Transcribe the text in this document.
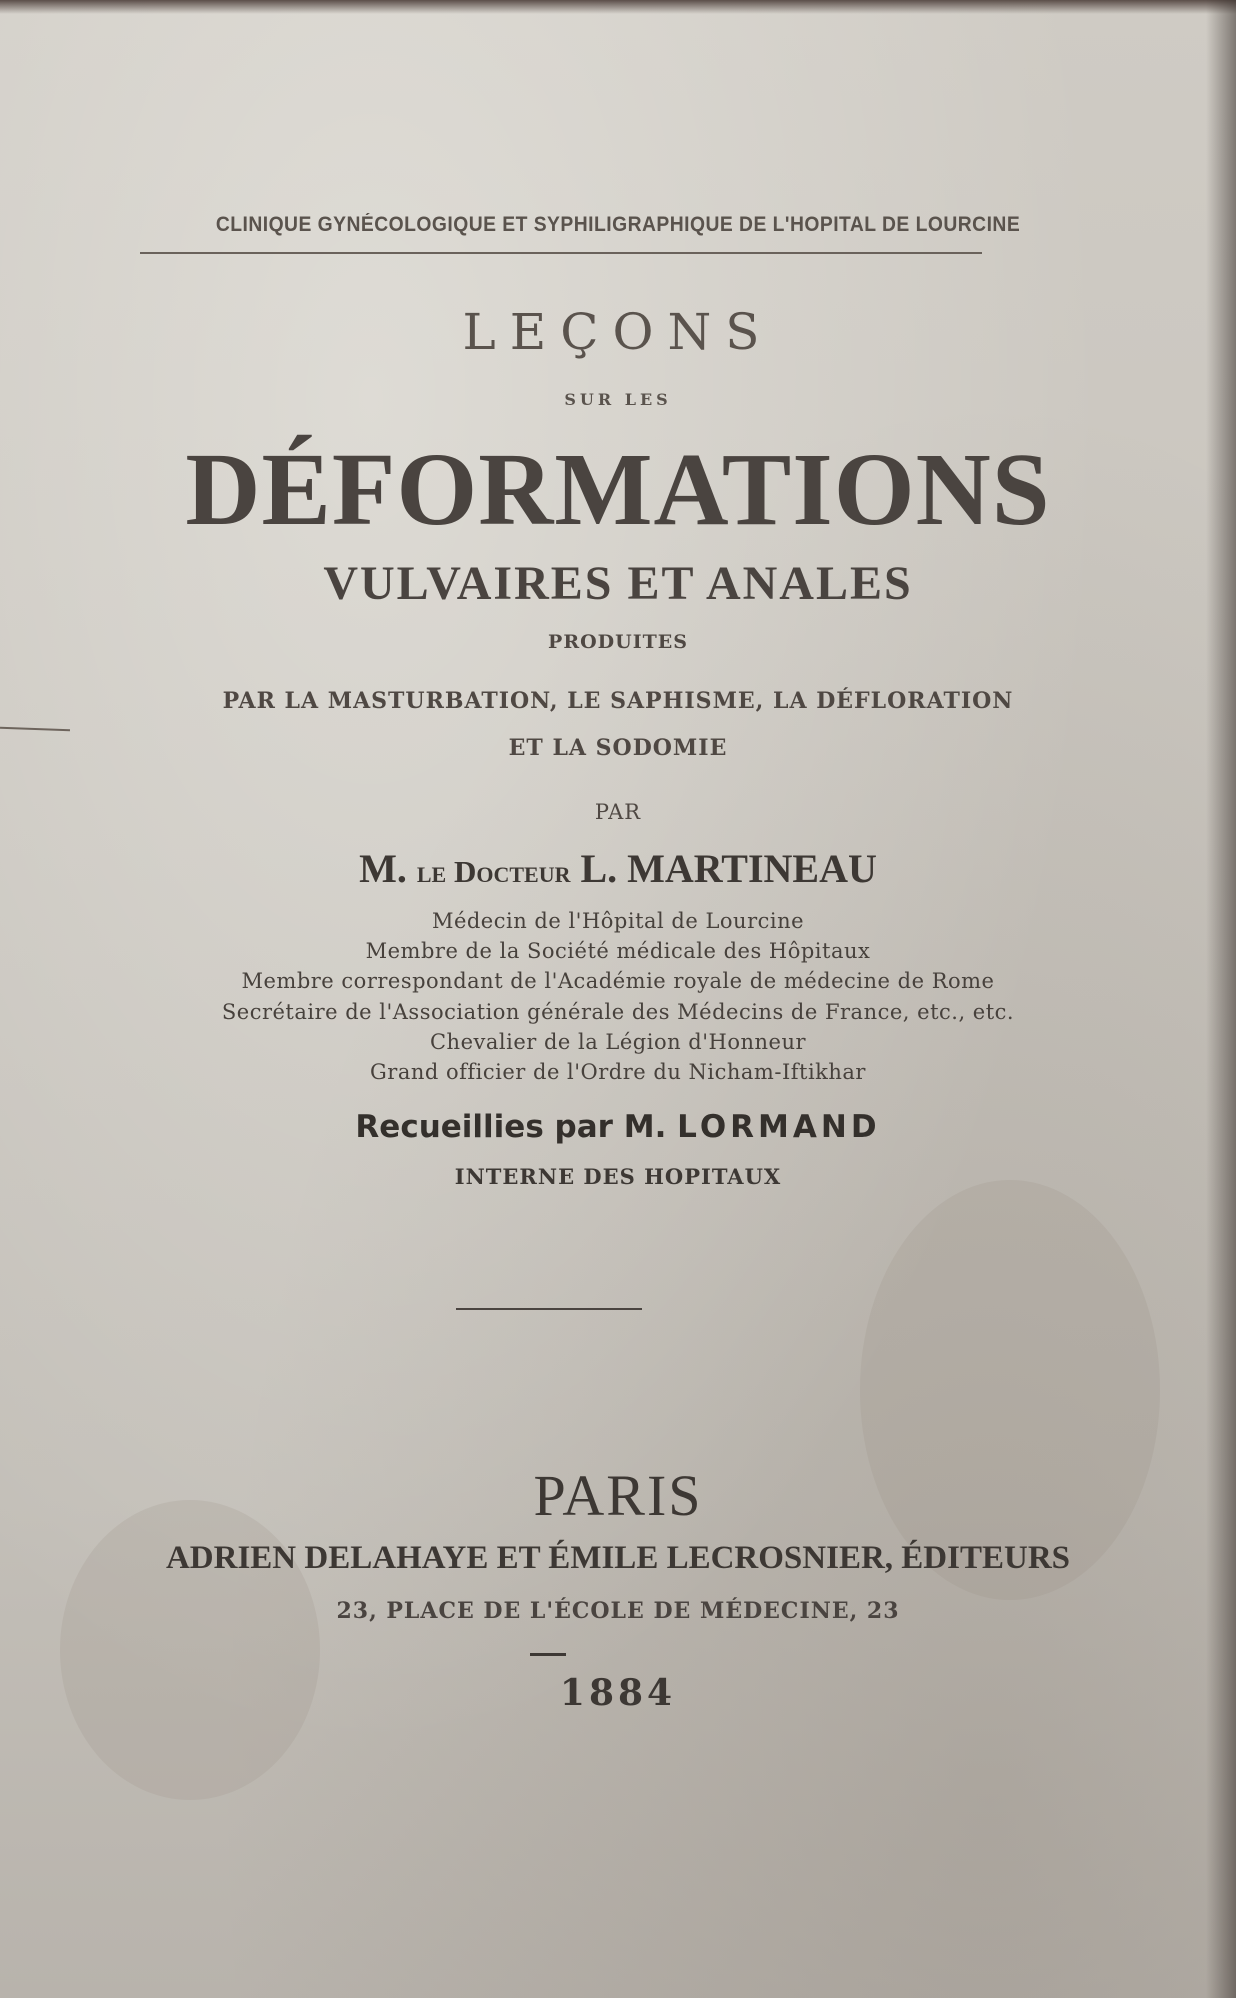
CLINIQUE GYNÉCOLOGIQUE ET SYPHILIGRAPHIQUE DE L'HOPITAL DE LOURCINE
LEÇONS
SUR LES
DÉFORMATIONS
VULVAIRES ET ANALES
PRODUITES
PAR LA MASTURBATION, LE SAPHISME, LA DÉFLORATION
ET LA SODOMIE
PAR
M. le Docteur L. MARTINEAU
Médecin de l'Hôpital de Lourcine
Membre de la Société médicale des Hôpitaux
Membre correspondant de l'Académie royale de médecine de Rome
Secrétaire de l'Association générale des Médecins de France, etc., etc.
Chevalier de la Légion d'Honneur
Grand officier de l'Ordre du Nicham-Iftikhar
Recueillies par M. LORMAND
INTERNE DES HOPITAUX
PARIS
ADRIEN DELAHAYE ET ÉMILE LECROSNIER, ÉDITEURS
23, PLACE DE L'ÉCOLE DE MÉDECINE, 23
1884
